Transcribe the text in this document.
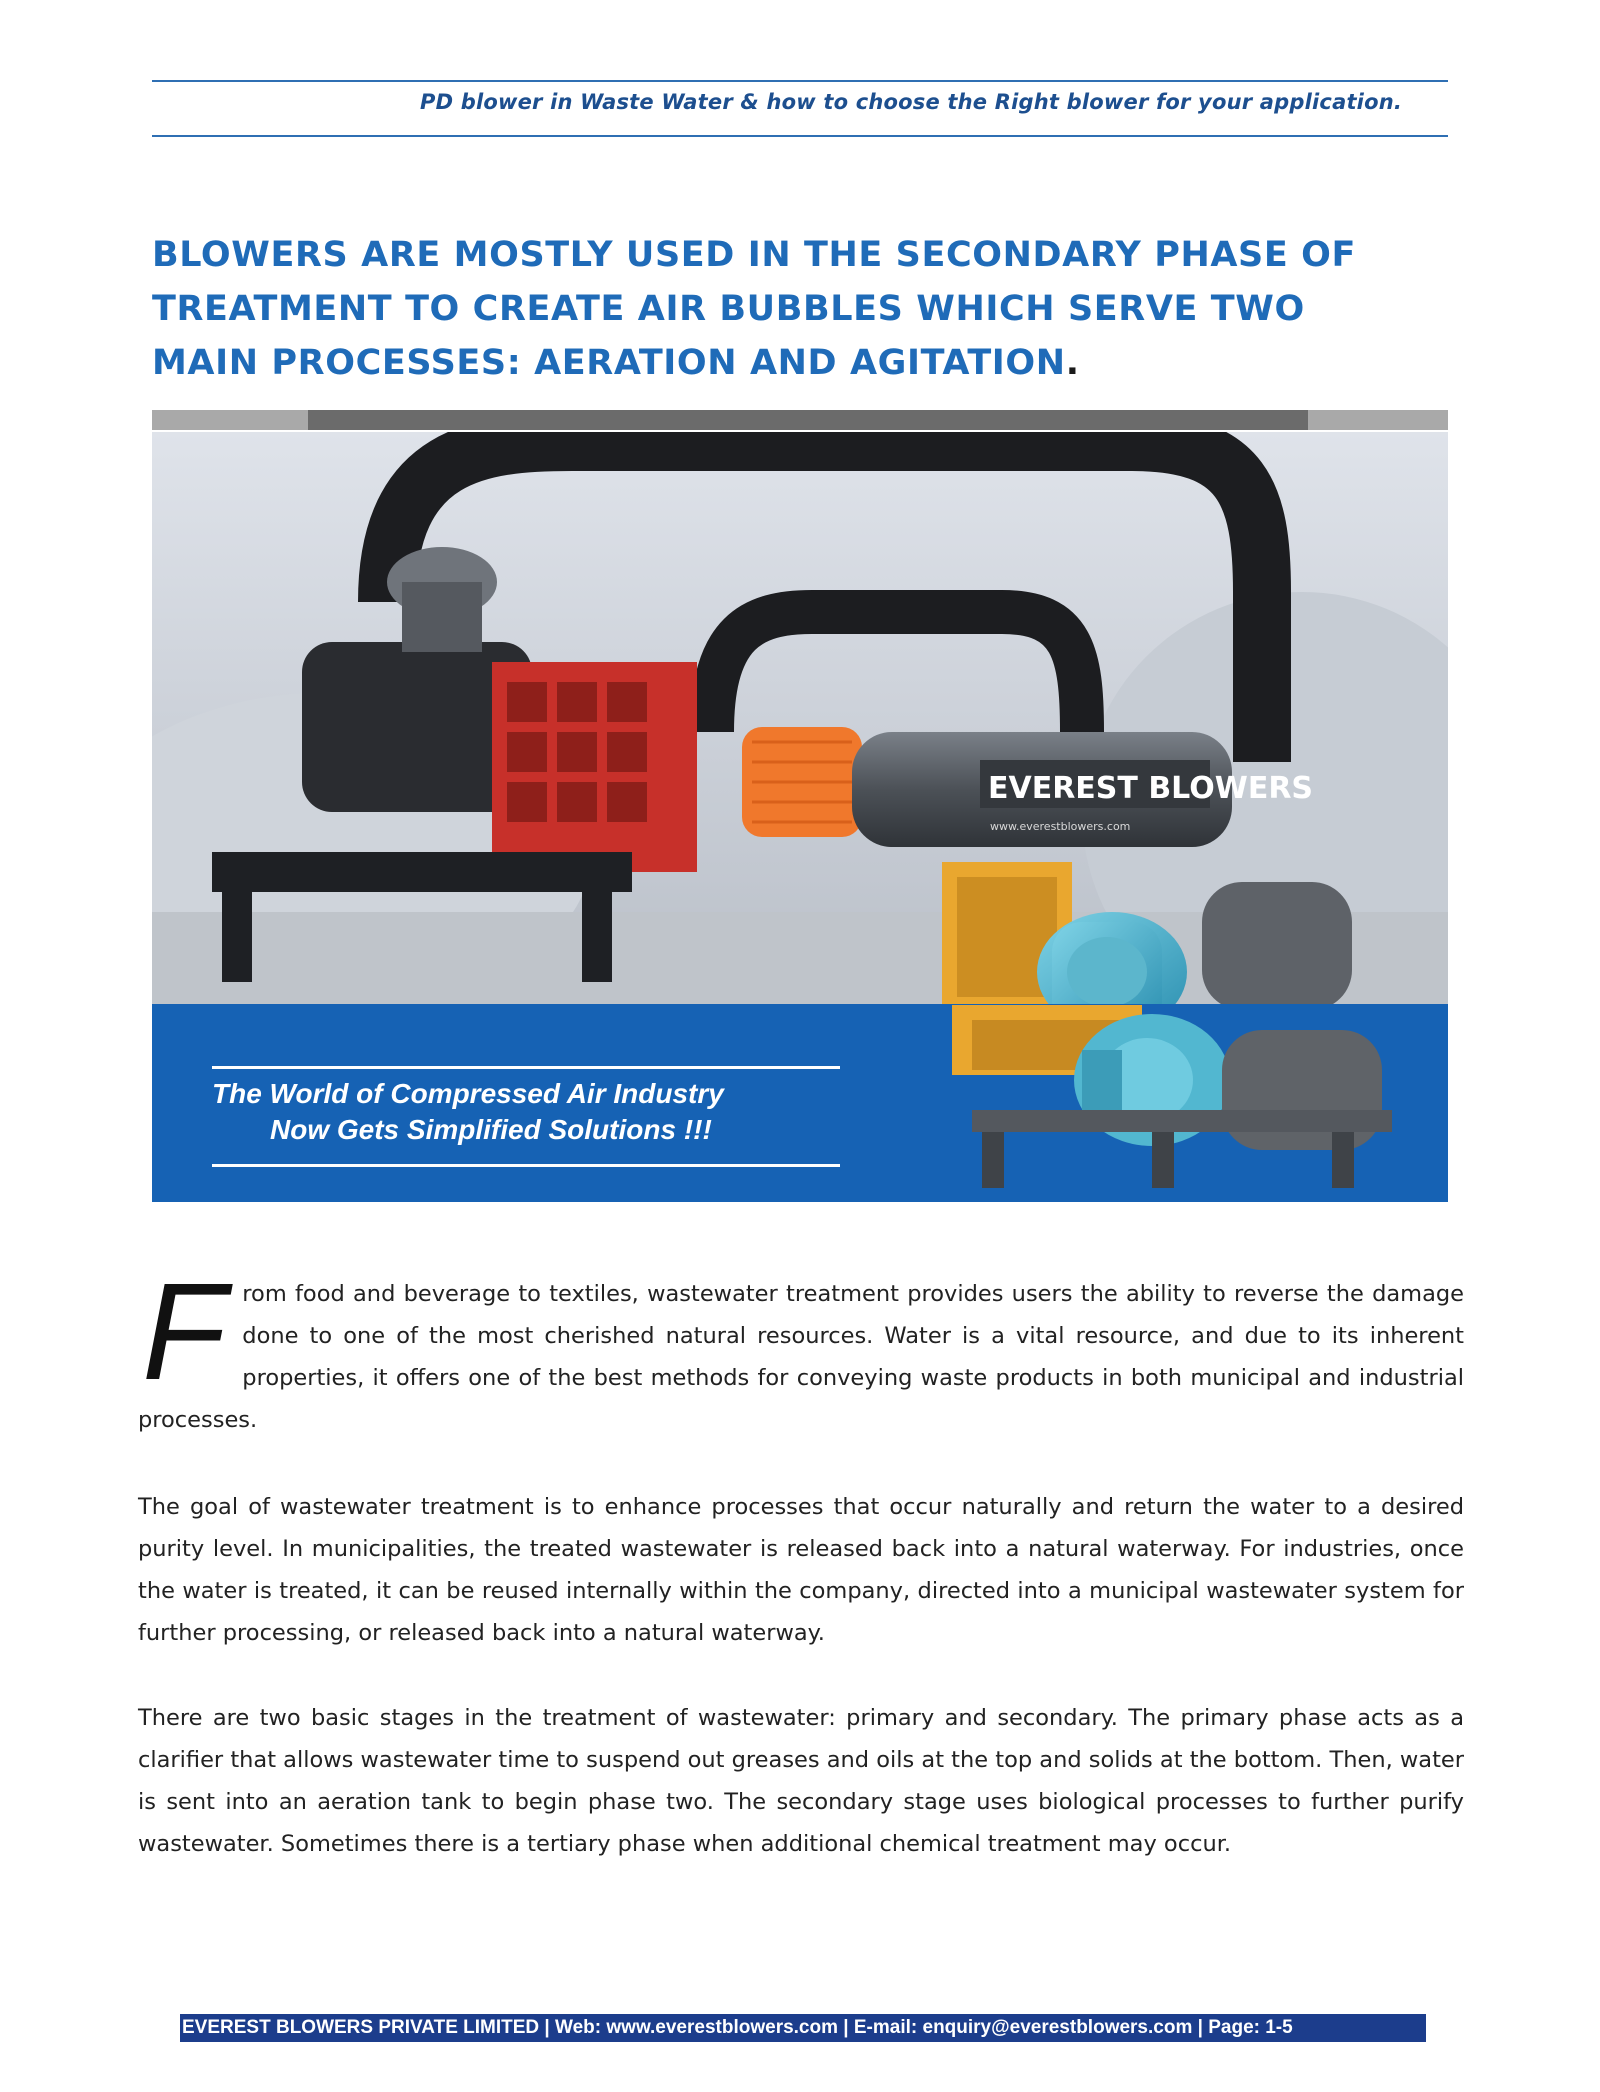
PD blower in Waste Water & how to choose the Right blower for your application.
BLOWERS ARE MOSTLY USED IN THE SECONDARY PHASE OF
TREATMENT TO CREATE AIR BUBBLES WHICH SERVE TWO
MAIN PROCESSES: AERATION AND AGITATION.
EVEREST BLOWERS
www.everestblowers.com
The World of Compressed Air Industry
Now Gets Simplified Solutions !!!

From food and beverage to textiles, wastewater treatment provides users the ability to reverse the damage done to one of the most cherished natural resources. Water is a vital resource, and due to its inherent properties, it offers one of the best methods for conveying waste products in both municipal and industrial processes.

The goal of wastewater treatment is to enhance processes that occur naturally and return the water to a desired purity level. In municipalities, the treated wastewater is released back into a natural waterway. For industries, once the water is treated, it can be reused internally within the company, directed into a municipal wastewater system for further processing, or released back into a natural waterway.

There are two basic stages in the treatment of wastewater: primary and secondary. The primary phase acts as a clarifier that allows wastewater time to suspend out greases and oils at the top and solids at the bottom. Then, water is sent into an aeration tank to begin phase two. The secondary stage uses biological processes to further purify wastewater. Sometimes there is a tertiary phase when additional chemical treatment may occur.

EVEREST BLOWERS PRIVATE LIMITED | Web: www.everestblowers.com | E-mail: enquiry@everestblowers.com | Page: 1-5
